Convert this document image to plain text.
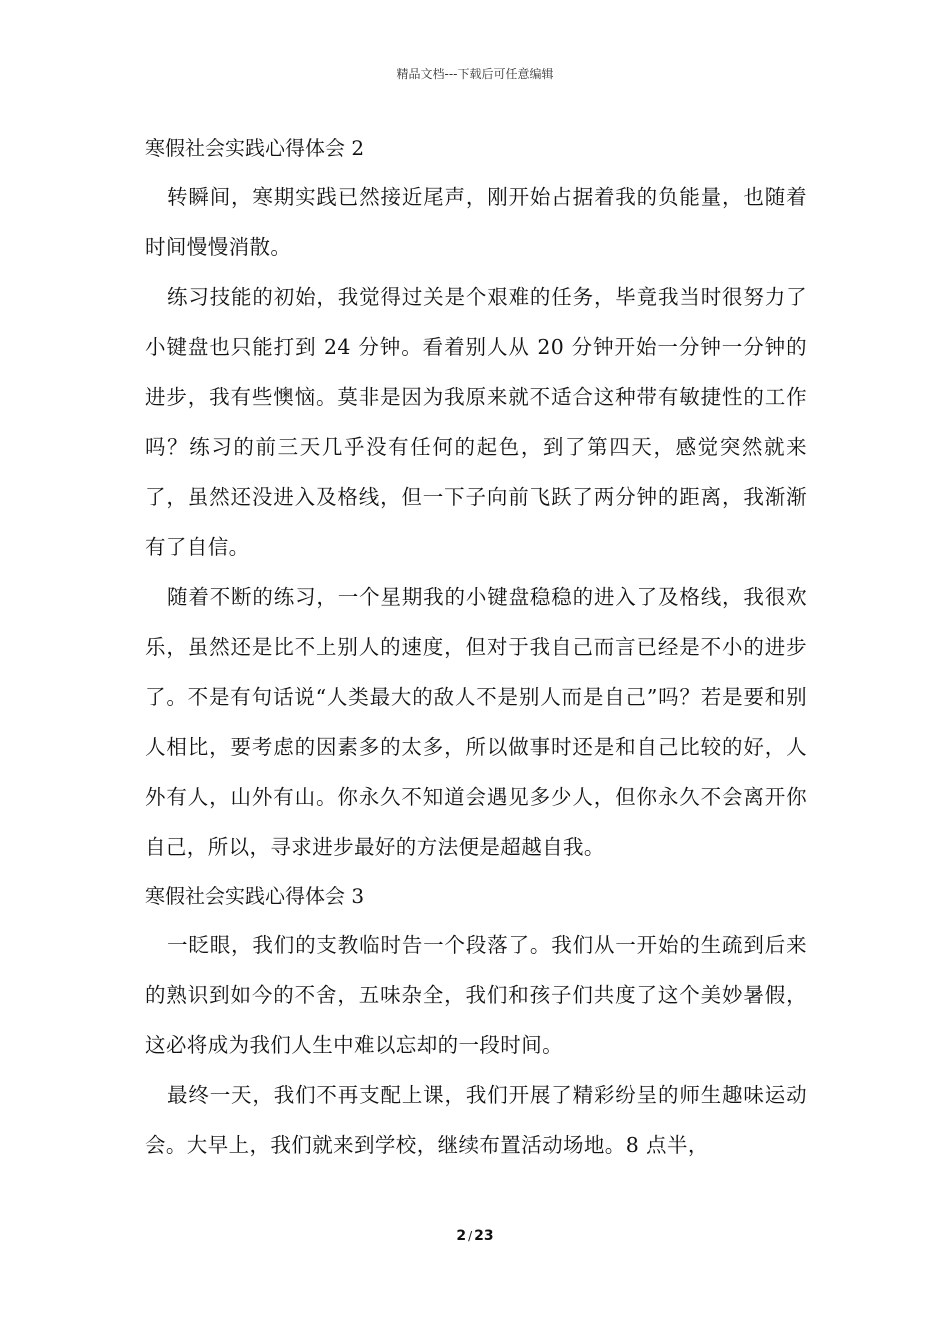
精品文档---下载后可任意编辑
寒假社会实践心得体会 2

转瞬间，寒期实践已然接近尾声，刚开始占据着我的负能量，也随着时间慢慢消散。

练习技能的初始，我觉得过关是个艰难的任务，毕竟我当时很努力了小键盘也只能打到 24 分钟。看着别人从 20 分钟开始一分钟一分钟的进步，我有些懊恼。莫非是因为我原来就不适合这种带有敏捷性的工作吗？练习的前三天几乎没有任何的起色，到了第四天，感觉突然就来了，虽然还没进入及格线，但一下子向前飞跃了两分钟的距离，我渐渐有了自信。

随着不断的练习，一个星期我的小键盘稳稳的进入了及格线，我很欢乐，虽然还是比不上别人的速度，但对于我自己而言已经是不小的进步了。不是有句话说“人类最大的敌人不是别人而是自己”吗？若是要和别人相比，要考虑的因素多的太多，所以做事时还是和自己比较的好，人外有人，山外有山。你永久不知道会遇见多少人，但你永久不会离开你自己，所以，寻求进步最好的方法便是超越自我。

寒假社会实践心得体会 3

一眨眼，我们的支教临时告一个段落了。我们从一开始的生疏到后来的熟识到如今的不舍，五味杂全，我们和孩子们共度了这个美妙暑假，这必将成为我们人生中难以忘却的一段时间。

最终一天，我们不再支配上课，我们开展了精彩纷呈的师生趣味运动会。大早上，我们就来到学校，继续布置活动场地。8 点半，

2 / 23
